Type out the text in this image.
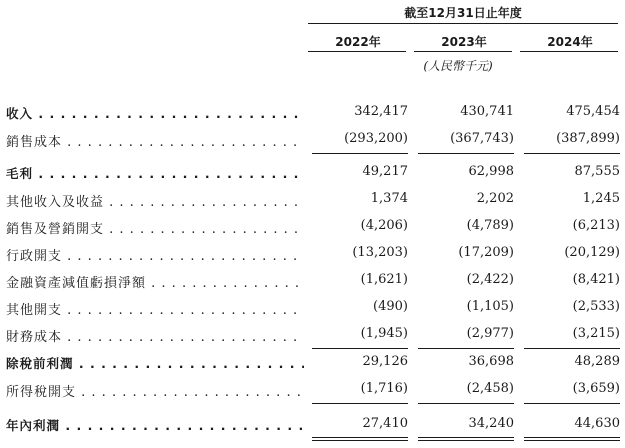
截至12月31日止年度
2022年	2023年	2024年
(人民幣千元)
收入 . . .	342,417	430,741	475,454
銷售成本 . . .	(293,200)	(367,743)	(387,899)
毛利 . . .	49,217	62,998	87,555
其他收入及收益 . . .	1,374	2,202	1,245
銷售及營銷開支 . . .	(4,206)	(4,789)	(6,213)
行政開支 . . .	(13,203)	(17,209)	(20,129)
金融資產減值虧損淨額 . . .	(1,621)	(2,422)	(8,421)
其他開支 . . .	(490)	(1,105)	(2,533)
財務成本 . . .	(1,945)	(2,977)	(3,215)
除稅前利潤 . . .	29,126	36,698	48,289
所得稅開支 . . .	(1,716)	(2,458)	(3,659)
年內利潤 . . .	27,410	34,240	44,630
